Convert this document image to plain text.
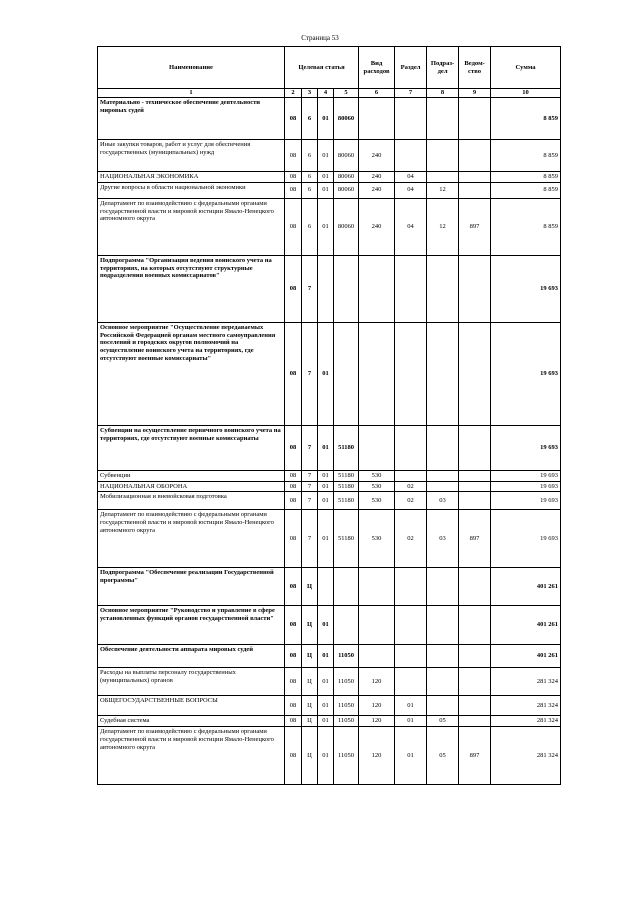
Страница 53
Наименование	Целевая статья				Вид расходов	Раздел	Подраз-дел	Ведом-ство	Сумма
1	2	3	4	5	6	7	8	9	10
Материально - техническое обеспечение деятельности мировых судей	08	6	01	80060					8 859
Иные закупки товаров, работ и услуг для обеспечения государственных (муниципальных) нужд	08	6	01	80060	240				8 859
НАЦИОНАЛЬНАЯ ЭКОНОМИКА	08	6	01	80060	240	04			8 859
Другие вопросы в области национальной экономики	08	6	01	80060	240	04	12		8 859
Департамент по взаимодействию с федеральными органами государственной власти и мировой юстиции Ямало-Ненецкого автономного округа	08	6	01	80060	240	04	12	897	8 859
Подпрограмма "Организация ведения воинского учета на территориях, на которых отсутствуют структурные подразделения военных комиссариатов"	08	7							19 693
Основное мероприятие "Осуществление передаваемых Российской Федерацией органам местного самоуправления поселений и городских округов полномочий на осуществление воинского учета на территориях, где отсутствуют военные комиссариаты"	08	7	01						19 693
Субвенции на осуществление первичного воинского учета на территориях, где отсутствуют военные комиссариаты	08	7	01	51180					19 693
Субвенции	08	7	01	51180	530				19 693
НАЦИОНАЛЬНАЯ ОБОРОНА	08	7	01	51180	530	02			19 693
Мобилизационная и вневойсковая подготовка	08	7	01	51180	530	02	03		19 693
Департамент по взаимодействию с федеральными органами государственной власти и мировой юстиции Ямало-Ненецкого автономного округа	08	7	01	51180	530	02	03	897	19 693
Подпрограмма "Обеспечение реализации Государственной программы"	08	Ц							401 261
Основное мероприятие "Руководство и управление в сфере установленных функций органов государственной власти"	08	Ц	01						401 261
Обеспечение деятельности аппарата мировых судей	08	Ц	01	11050					401 261
Расходы на выплаты персоналу государственных (муниципальных) органов	08	Ц	01	11050	120				281 324
ОБЩЕГОСУДАРСТВЕННЫЕ ВОПРОСЫ	08	Ц	01	11050	120	01			281 324
Судебная система	08	Ц	01	11050	120	01	05		281 324
Департамент по взаимодействию с федеральными органами государственной власти и мировой юстиции Ямало-Ненецкого автономного округа	08	Ц	01	11050	120	01	05	897	281 324
